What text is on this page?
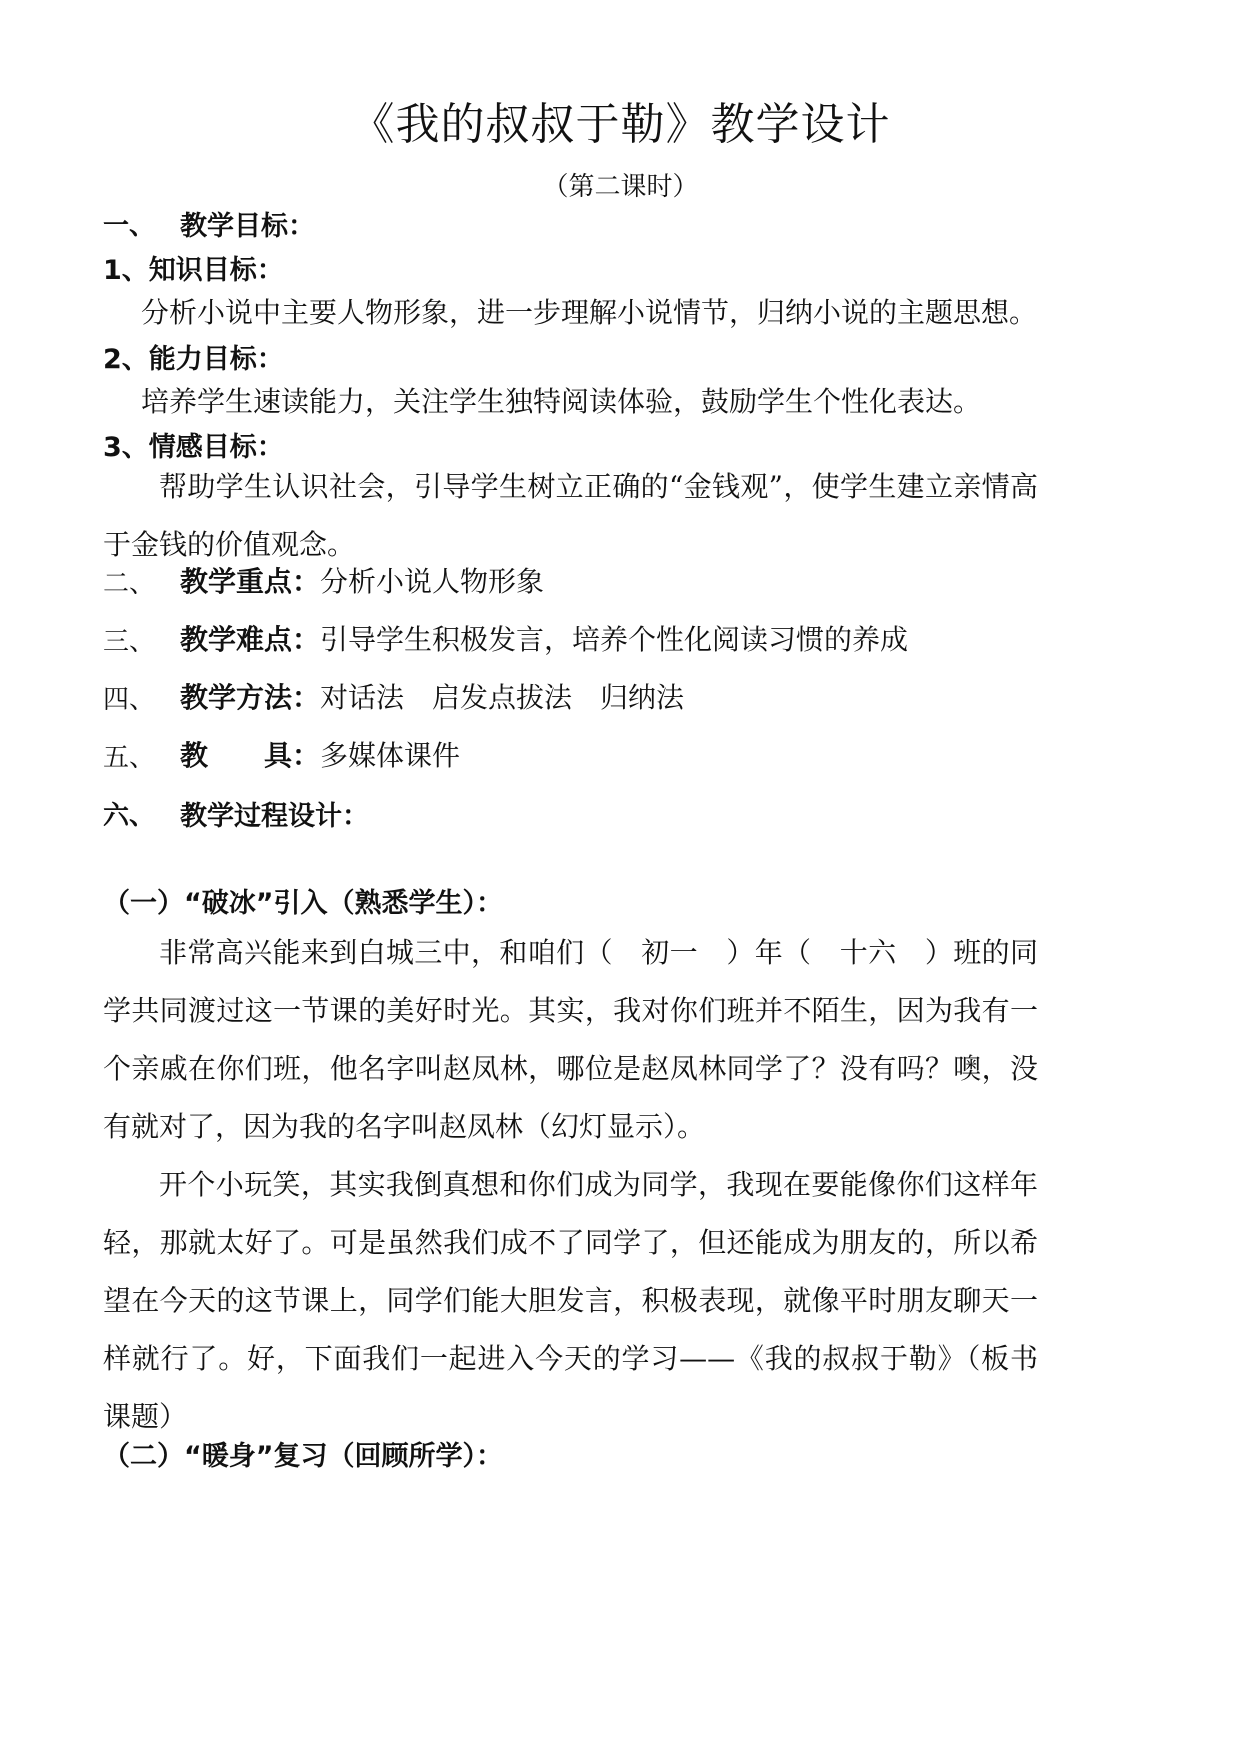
《我的叔叔于勒》教学设计
（第二课时）
一、 教学目标：
1、知识目标：
分析小说中主要人物形象，进一步理解小说情节，归纳小说的主题思想。
2、能力目标：
培养学生速读能力，关注学生独特阅读体验，鼓励学生个性化表达。
3、情感目标：
帮助学生认识社会，引导学生树立正确的“金钱观”，使学生建立亲情高于金钱的价值观念。
二、 教学重点：分析小说人物形象
三、 教学难点：引导学生积极发言，培养个性化阅读习惯的养成
四、 教学方法：对话法　启发点拔法　归纳法
五、 教　　具：多媒体课件
六、 教学过程设计：
（一）“破冰”引入（熟悉学生）：
非常高兴能来到白城三中，和咱们（　初一　）年（　十六　）班的同学共同渡过这一节课的美好时光。其实，我对你们班并不陌生，因为我有一个亲戚在你们班，他名字叫赵凤林，哪位是赵凤林同学了？没有吗？噢，没有就对了，因为我的名字叫赵凤林（幻灯显示）。
开个小玩笑，其实我倒真想和你们成为同学，我现在要能像你们这样年轻，那就太好了。可是虽然我们成不了同学了，但还能成为朋友的，所以希望在今天的这节课上，同学们能大胆发言，积极表现，就像平时朋友聊天一样就行了。好，下面我们一起进入今天的学习——《我的叔叔于勒》（板书课题）
（二）“暖身”复习（回顾所学）：
